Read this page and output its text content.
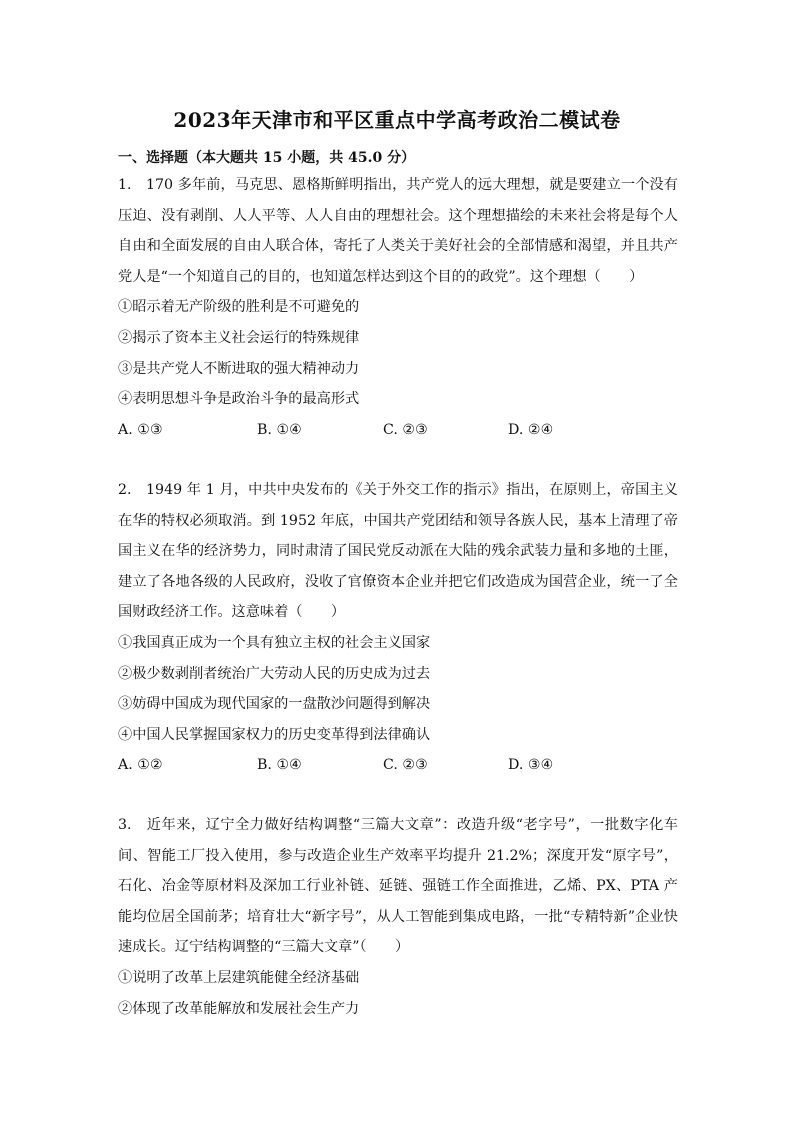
2023年天津市和平区重点中学高考政治二模试卷
一、选择题（本大题共 15 小题，共 45.0 分）

1.　170 多年前，马克思、恩格斯鲜明指出，共产党人的远大理想，就是要建立一个没有压迫、没有剥削、人人平等、人人自由的理想社会。这个理想描绘的未来社会将是每个人自由和全面发展的自由人联合体，寄托了人类关于美好社会的全部情感和渴望，并且共产党人是“一个知道自己的目的，也知道怎样达到这个目的的政党”。这个理想（　　）

①昭示着无产阶级的胜利是不可避免的
②揭示了资本主义社会运行的特殊规律
③是共产党人不断进取的强大精神动力
④表明思想斗争是政治斗争的最高形式
A. ①③	B. ①④	C. ②③	D. ②④

2.　1949 年 1 月，中共中央发布的《关于外交工作的指示》指出，在原则上，帝国主义在华的特权必须取消。到 1952 年底，中国共产党团结和领导各族人民，基本上清理了帝国主义在华的经济势力，同时肃清了国民党反动派在大陆的残余武装力量和多地的土匪，建立了各地各级的人民政府，没收了官僚资本企业并把它们改造成为国营企业，统一了全国财政经济工作。这意味着（　　）

①我国真正成为一个具有独立主权的社会主义国家
②极少数剥削者统治广大劳动人民的历史成为过去
③妨碍中国成为现代国家的一盘散沙问题得到解决
④中国人民掌握国家权力的历史变革得到法律确认
A. ①②	B. ①④	C. ②③	D. ③④

3.　近年来，辽宁全力做好结构调整“三篇大文章”：改造升级“老字号”，一批数字化车间、智能工厂投入使用，参与改造企业生产效率平均提升 21.2%；深度开发“原字号”，石化、冶金等原材料及深加工行业补链、延链、强链工作全面推进，乙烯、PX、PTA 产能均位居全国前茅；培育壮大“新字号”，从人工智能到集成电路，一批“专精特新”企业快速成长。辽宁结构调整的“三篇大文章”（　　）

①说明了改革上层建筑能健全经济基础
②体现了改革能解放和发展社会生产力
